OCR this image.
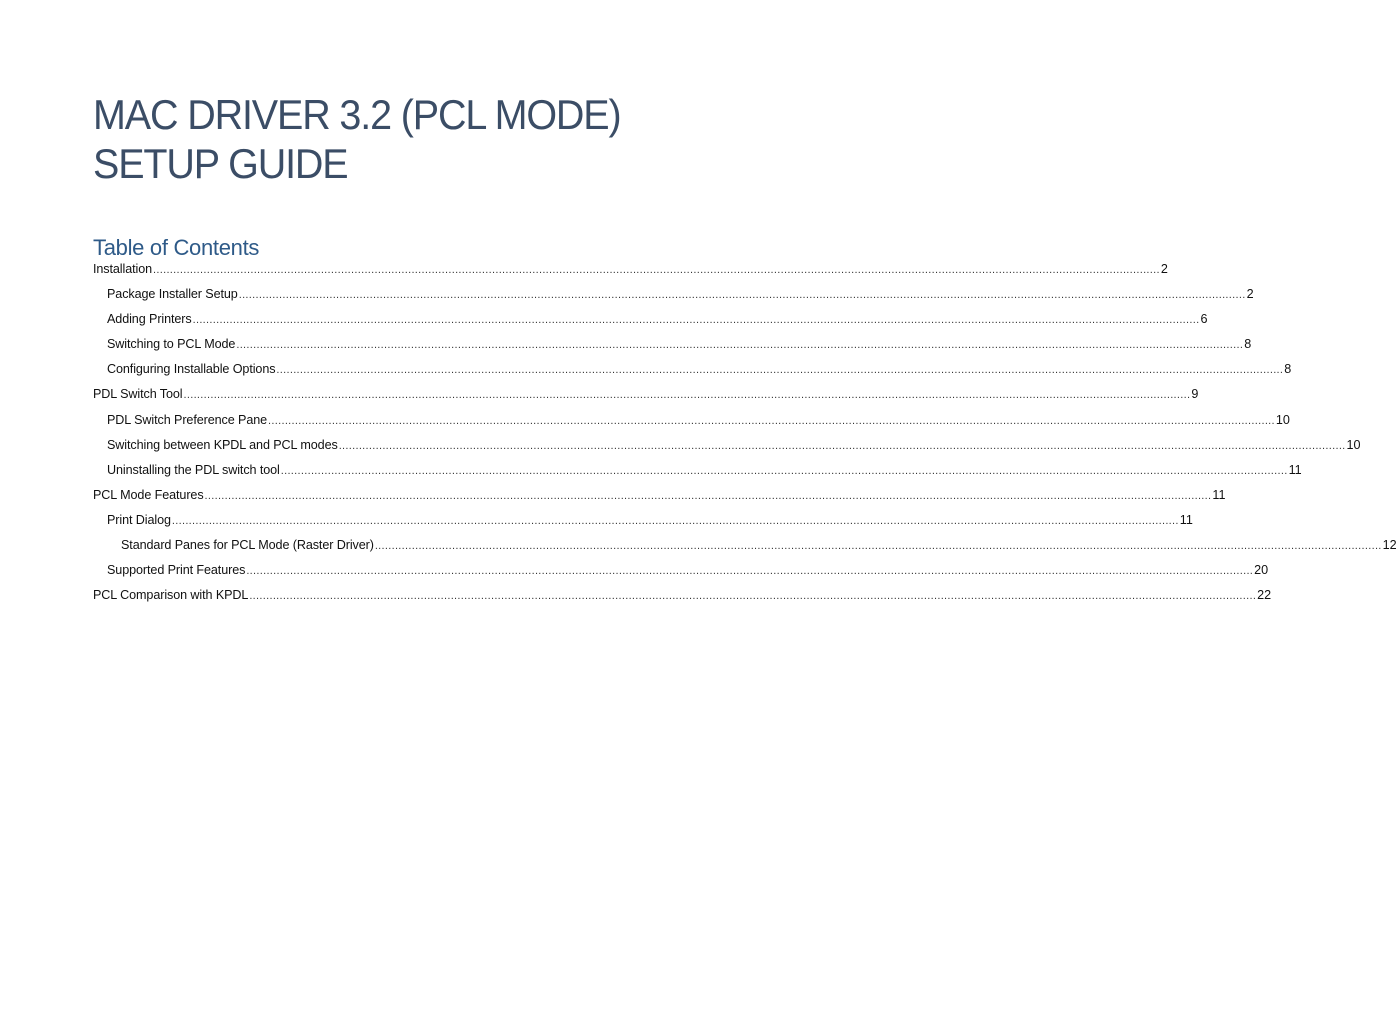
MAC DRIVER 3.2 (PCL MODE)
SETUP GUIDE
Table of Contents
Installation ............................................................................................................................................................................................................................................................................................................ 2
Package Installer Setup ............................................................................................................................................................................................................................................................................................................ 2
Adding Printers ............................................................................................................................................................................................................................................................................................................ 6
Switching to PCL Mode ............................................................................................................................................................................................................................................................................................................ 8
Configuring Installable Options ............................................................................................................................................................................................................................................................................................................ 8
PDL Switch Tool ............................................................................................................................................................................................................................................................................................................ 9
PDL Switch Preference Pane ............................................................................................................................................................................................................................................................................................................ 10
Switching between KPDL and PCL modes ............................................................................................................................................................................................................................................................................................................ 10
Uninstalling the PDL switch tool ............................................................................................................................................................................................................................................................................................................ 11
PCL Mode Features ............................................................................................................................................................................................................................................................................................................ 11
Print Dialog ............................................................................................................................................................................................................................................................................................................ 11
Standard Panes for PCL Mode (Raster Driver) ............................................................................................................................................................................................................................................................................................................ 12
Supported Print Features ............................................................................................................................................................................................................................................................................................................ 20
PCL Comparison with KPDL ............................................................................................................................................................................................................................................................................................................ 22
